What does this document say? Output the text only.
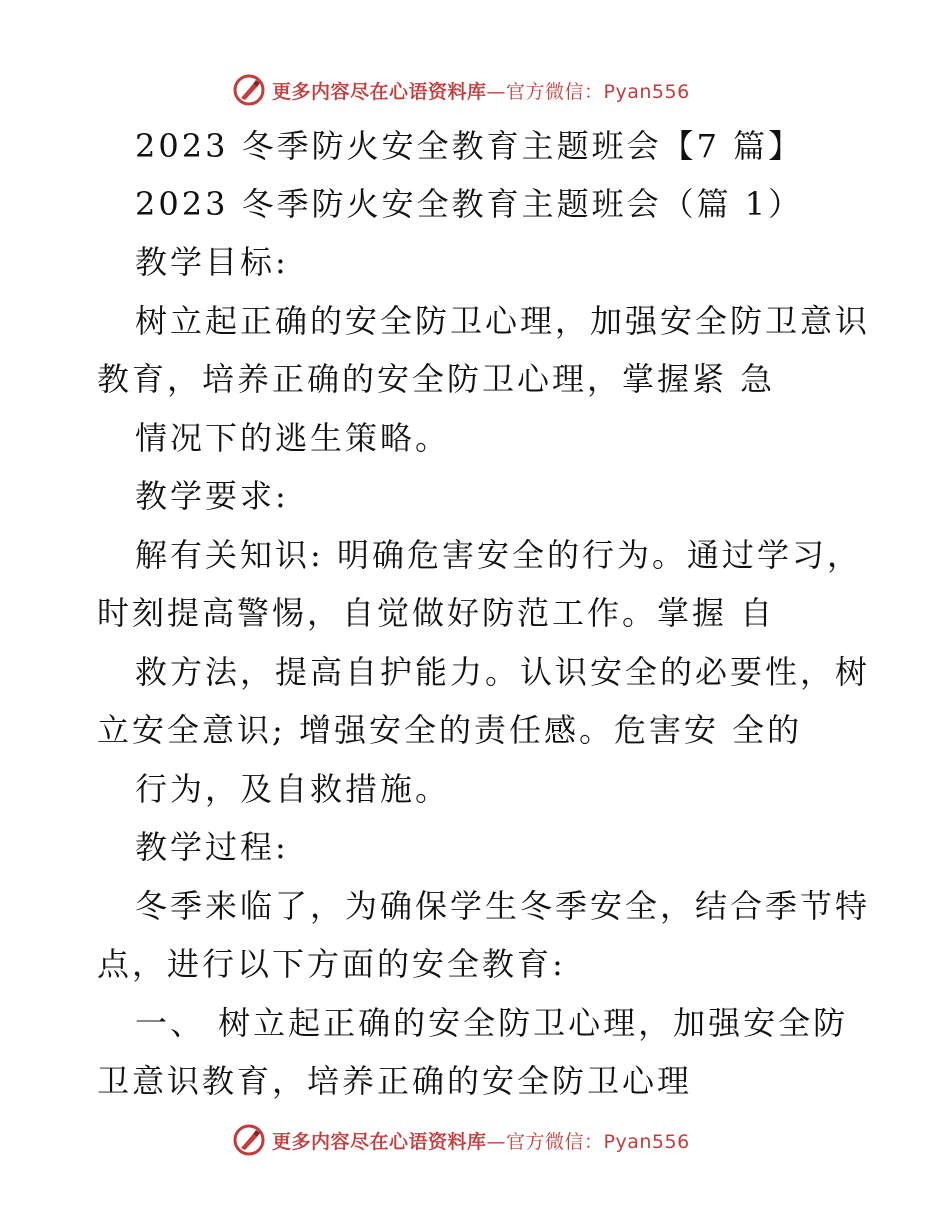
更多内容尽在心语资料库—官方微信：Pyan556
2023 冬季防火安全教育主题班会【7 篇】
2023 冬季防火安全教育主题班会（篇 1）
教学目标:
树立起正确的安全防卫心理，加强安全防卫意识
教育，培养正确的安全防卫心理，掌握紧 急
情况下的逃生策略。
教学要求:
解有关知识: 明确危害安全的行为。通过学习，
时刻提高警惕，自觉做好防范工作。掌握 自
救方法，提高自护能力。认识安全的必要性，树
立安全意识; 增强安全的责任感。危害安 全的
行为，及自救措施。
教学过程:
冬季来临了，为确保学生冬季安全，结合季节特
点，进行以下方面的安全教育:
一、 树立起正确的安全防卫心理，加强安全防
卫意识教育，培养正确的安全防卫心理
更多内容尽在心语资料库—官方微信：Pyan556
